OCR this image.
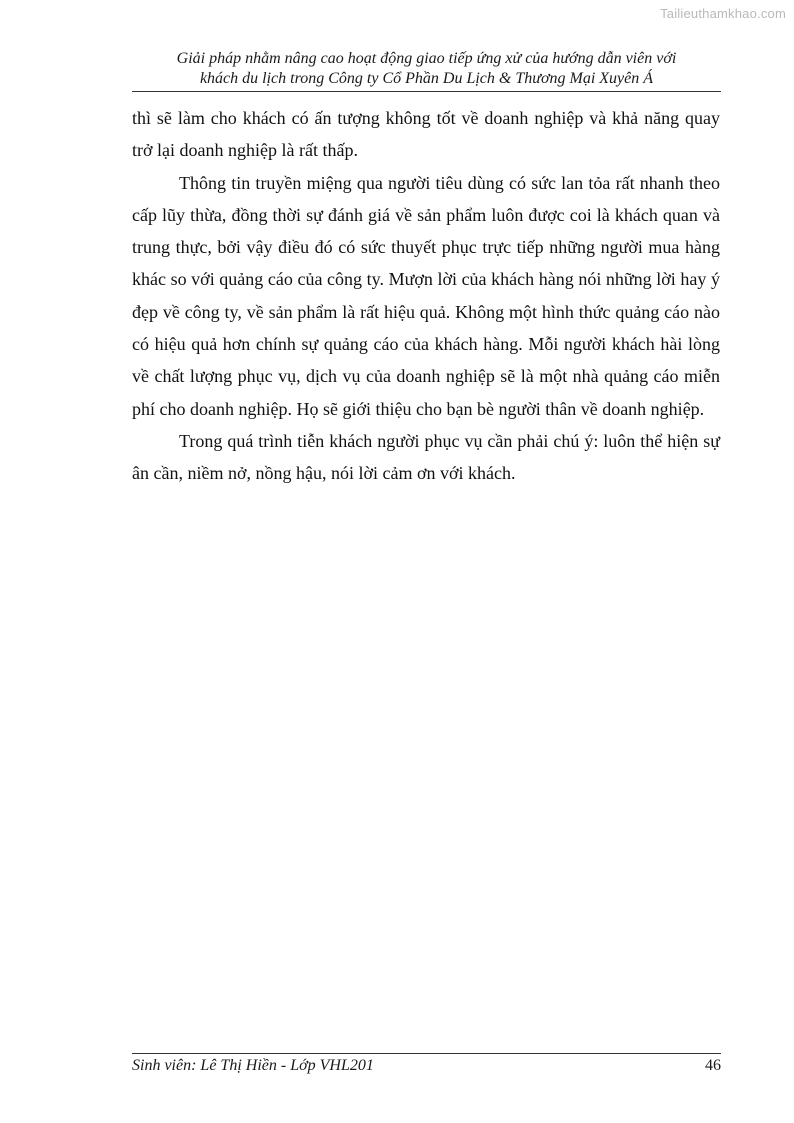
Tailieuthamkhao.com
Giải pháp nhằm nâng cao hoạt động giao tiếp ứng xử của hướng dẫn viên với
khách du lịch trong Công ty Cổ Phần Du Lịch & Thương Mại Xuyên Á

thì sẽ làm cho khách có ấn tượng không tốt về doanh nghiệp và khả năng quay trở lại doanh nghiệp là rất thấp.

Thông tin truyền miệng qua người tiêu dùng có sức lan tỏa rất nhanh theo cấp lũy thừa, đồng thời sự đánh giá về sản phẩm luôn được coi là khách quan và trung thực, bởi vậy điều đó có sức thuyết phục trực tiếp những người mua hàng khác so với quảng cáo của công ty. Mượn lời của khách hàng nói những lời hay ý đẹp về công ty, về sản phẩm là rất hiệu quả. Không một hình thức quảng cáo nào có hiệu quả hơn chính sự quảng cáo của khách hàng. Mỗi người khách hài lòng về chất lượng phục vụ, dịch vụ của doanh nghiệp sẽ là một nhà quảng cáo miễn phí cho doanh nghiệp. Họ sẽ giới thiệu cho bạn bè người thân về doanh nghiệp.

Trong quá trình tiễn khách người phục vụ cần phải chú ý: luôn thể hiện sự ân cần, niềm nở, nồng hậu, nói lời cảm ơn với khách.

Sinh viên: Lê Thị Hiền - Lớp VHL201	46
